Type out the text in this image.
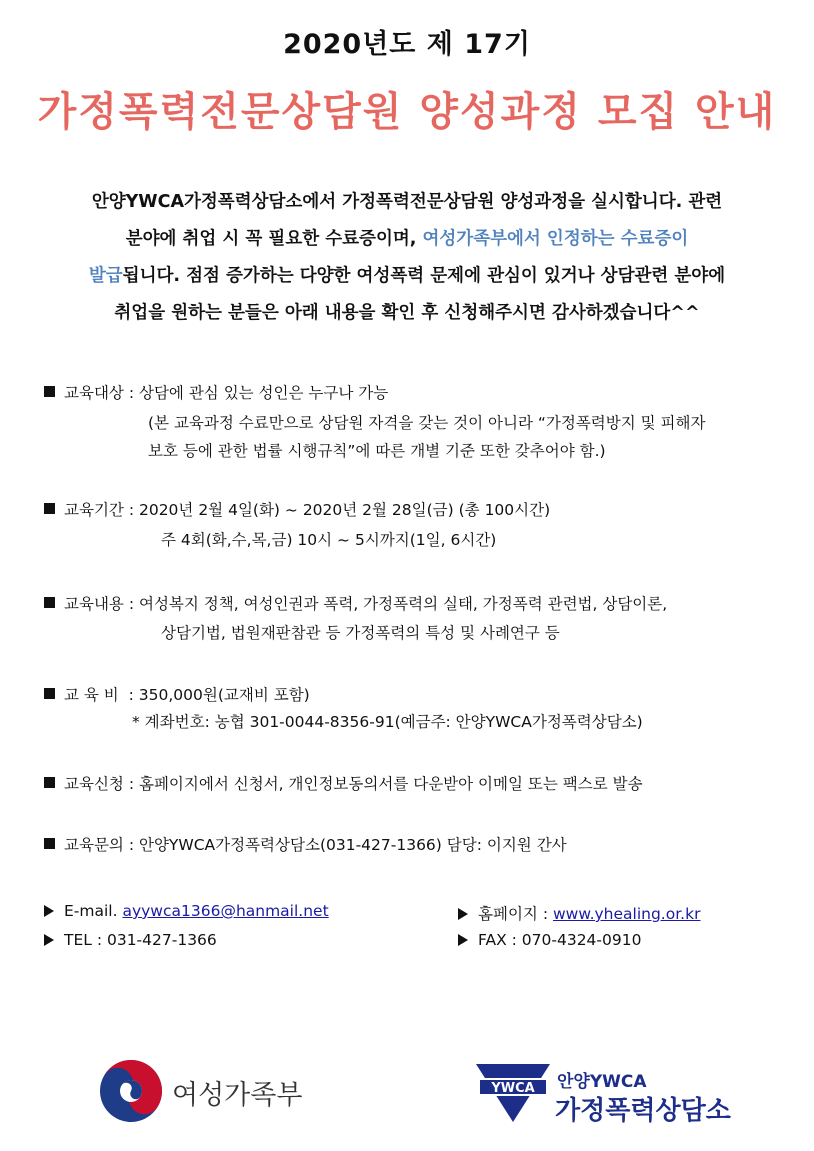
2020년도 제 17기
가정폭력전문상담원 양성과정 모집 안내
안양YWCA가정폭력상담소에서 가정폭력전문상담원 양성과정을 실시합니다. 관련
분야에 취업 시 꼭 필요한 수료증이며, 여성가족부에서 인정하는 수료증이
발급됩니다. 점점 증가하는 다양한 여성폭력 문제에 관심이 있거나 상담관련 분야에
취업을 원하는 분들은 아래 내용을 확인 후 신청해주시면 감사하겠습니다^^
교육대상 : 상담에 관심 있는 성인은 누구나 가능
(본 교육과정 수료만으로 상담원 자격을 갖는 것이 아니라 “가정폭력방지 및 피해자
보호 등에 관한 법률 시행규칙”에 따른 개별 기준 또한 갖추어야 함.)
교육기간 : 2020년 2월 4일(화) ~ 2020년 2월 28일(금) (총 100시간)
주 4회(화,수,목,금) 10시 ~ 5시까지(1일, 6시간)
교육내용 : 여성복지 정책, 여성인권과 폭력, 가정폭력의 실태, 가정폭력 관련법, 상담이론,
상담기법, 법원재판참관 등 가정폭력의 특성 및 사례연구 등
교 육 비  : 350,000원(교재비 포함)
* 계좌번호: 농협 301-0044-8356-91(예금주: 안양YWCA가정폭력상담소)
교육신청 : 홈페이지에서 신청서, 개인정보동의서를 다운받아 이메일 또는 팩스로 발송
교육문의 : 안양YWCA가정폭력상담소(031-427-1366) 담당: 이지원 간사
E-mail. ayywca1366@hanmail.net
TEL : 031-427-1366
홈페이지 : www.yhealing.or.kr
FAX : 070-4324-0910
여성가족부	YWCA 안양YWCA
가정폭력상담소
